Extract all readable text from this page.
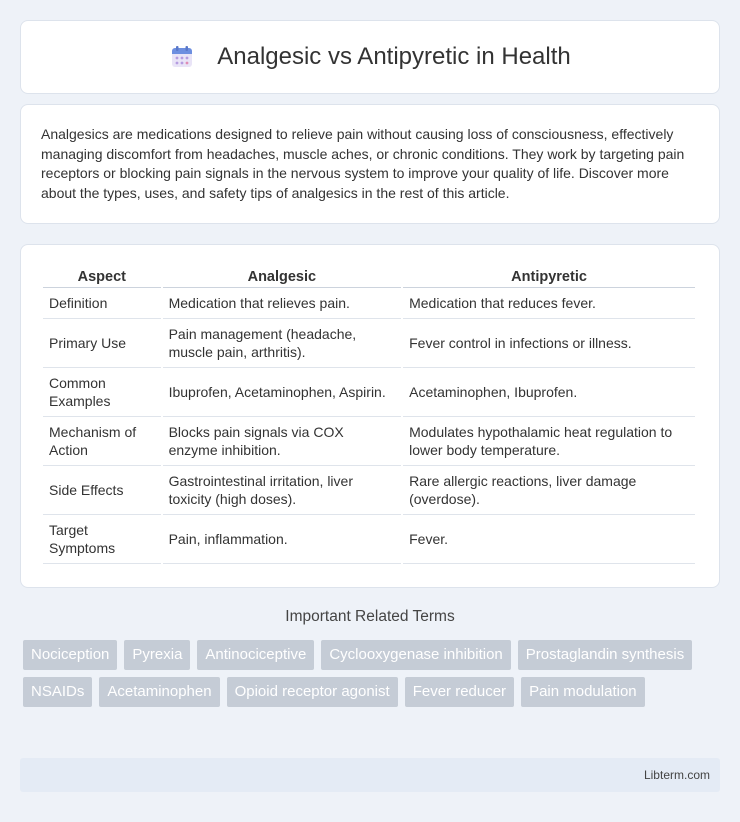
Analgesic vs Antipyretic in Health

Analgesics are medications designed to relieve pain without causing loss of consciousness, effectively managing discomfort from headaches, muscle aches, or chronic conditions. They work by targeting pain receptors or blocking pain signals in the nervous system to improve your quality of life. Discover more about the types, uses, and safety tips of analgesics in the rest of this article.

Aspect	Analgesic	Antipyretic
Definition	Medication that relieves pain.	Medication that reduces fever.
Primary Use	Pain management (headache, muscle pain, arthritis).	Fever control in infections or illness.
Common Examples	Ibuprofen, Acetaminophen, Aspirin.	Acetaminophen, Ibuprofen.
Mechanism of Action	Blocks pain signals via COX enzyme inhibition.	Modulates hypothalamic heat regulation to lower body temperature.
Side Effects	Gastrointestinal irritation, liver toxicity (high doses).	Rare allergic reactions, liver damage (overdose).
Target Symptoms	Pain, inflammation.	Fever.
Important Related Terms
Nociception	Pyrexia	Antinociceptive	Cyclooxygenase inhibition	Prostaglandin synthesis
NSAIDs	Acetaminophen	Opioid receptor agonist	Fever reducer	Pain modulation
Libterm.com
